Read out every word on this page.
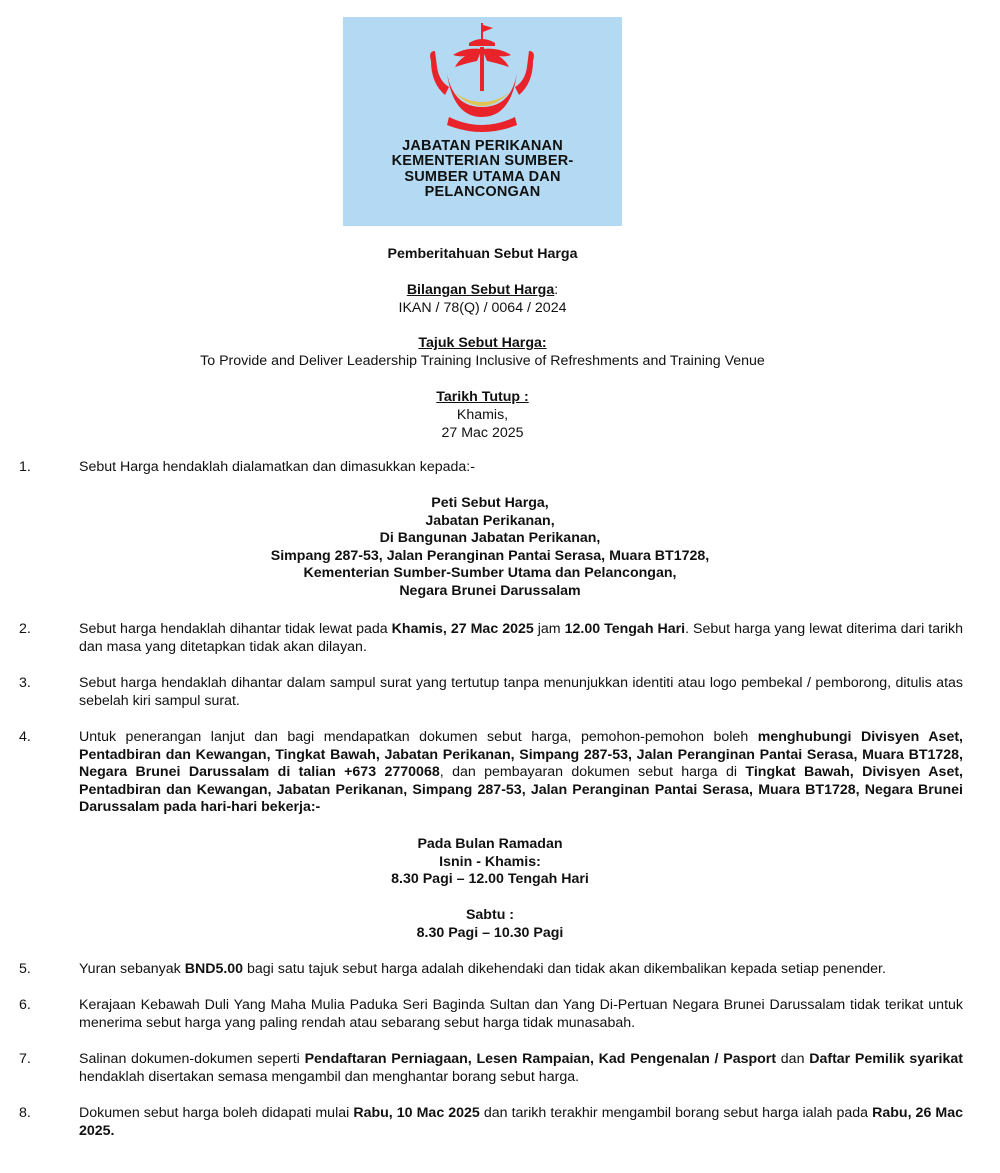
JABATAN PERIKANAN
KEMENTERIAN SUMBER-
SUMBER UTAMA DAN
PELANCONGAN
Pemberitahuan Sebut Harga
Bilangan Sebut Harga:
IKAN / 78(Q) / 0064 / 2024
Tajuk Sebut Harga:
To Provide and Deliver Leadership Training Inclusive of Refreshments and Training Venue
Tarikh Tutup :
Khamis,
27 Mac 2025
1.	Sebut Harga hendaklah dialamatkan dan dimasukkan kepada:-
Peti Sebut Harga,
Jabatan Perikanan,
Di Bangunan Jabatan Perikanan,
Simpang 287-53, Jalan Peranginan Pantai Serasa, Muara BT1728,
Kementerian Sumber-Sumber Utama dan Pelancongan,
Negara Brunei Darussalam
2.	Sebut harga hendaklah dihantar tidak lewat pada Khamis, 27 Mac 2025 jam 12.00 Tengah Hari. Sebut harga yang lewat diterima dari tarikh dan masa yang ditetapkan tidak akan dilayan.
3.	Sebut harga hendaklah dihantar dalam sampul surat yang tertutup tanpa menunjukkan identiti atau logo pembekal / pemborong, ditulis atas sebelah kiri sampul surat.
4.	Untuk penerangan lanjut dan bagi mendapatkan dokumen sebut harga, pemohon-pemohon boleh menghubungi Divisyen Aset, Pentadbiran dan Kewangan, Tingkat Bawah, Jabatan Perikanan, Simpang 287-53, Jalan Peranginan Pantai Serasa, Muara BT1728, Negara Brunei Darussalam di talian +673 2770068, dan pembayaran dokumen sebut harga di Tingkat Bawah, Divisyen Aset, Pentadbiran dan Kewangan, Jabatan Perikanan, Simpang 287-53, Jalan Peranginan Pantai Serasa, Muara BT1728, Negara Brunei Darussalam pada hari-hari bekerja:-
Pada Bulan Ramadan
Isnin - Khamis:
8.30 Pagi – 12.00 Tengah Hari
Sabtu :
8.30 Pagi – 10.30 Pagi
5.	Yuran sebanyak BND5.00 bagi satu tajuk sebut harga adalah dikehendaki dan tidak akan dikembalikan kepada setiap penender.
6.	Kerajaan Kebawah Duli Yang Maha Mulia Paduka Seri Baginda Sultan dan Yang Di-Pertuan Negara Brunei Darussalam tidak terikat untuk menerima sebut harga yang paling rendah atau sebarang sebut harga tidak munasabah.
7.	Salinan dokumen-dokumen seperti Pendaftaran Perniagaan, Lesen Rampaian, Kad Pengenalan / Pasport dan Daftar Pemilik syarikat hendaklah disertakan semasa mengambil dan menghantar borang sebut harga.
8.	Dokumen sebut harga boleh didapati mulai Rabu, 10 Mac 2025 dan tarikh terakhir mengambil borang sebut harga ialah pada Rabu, 26 Mac 2025.
